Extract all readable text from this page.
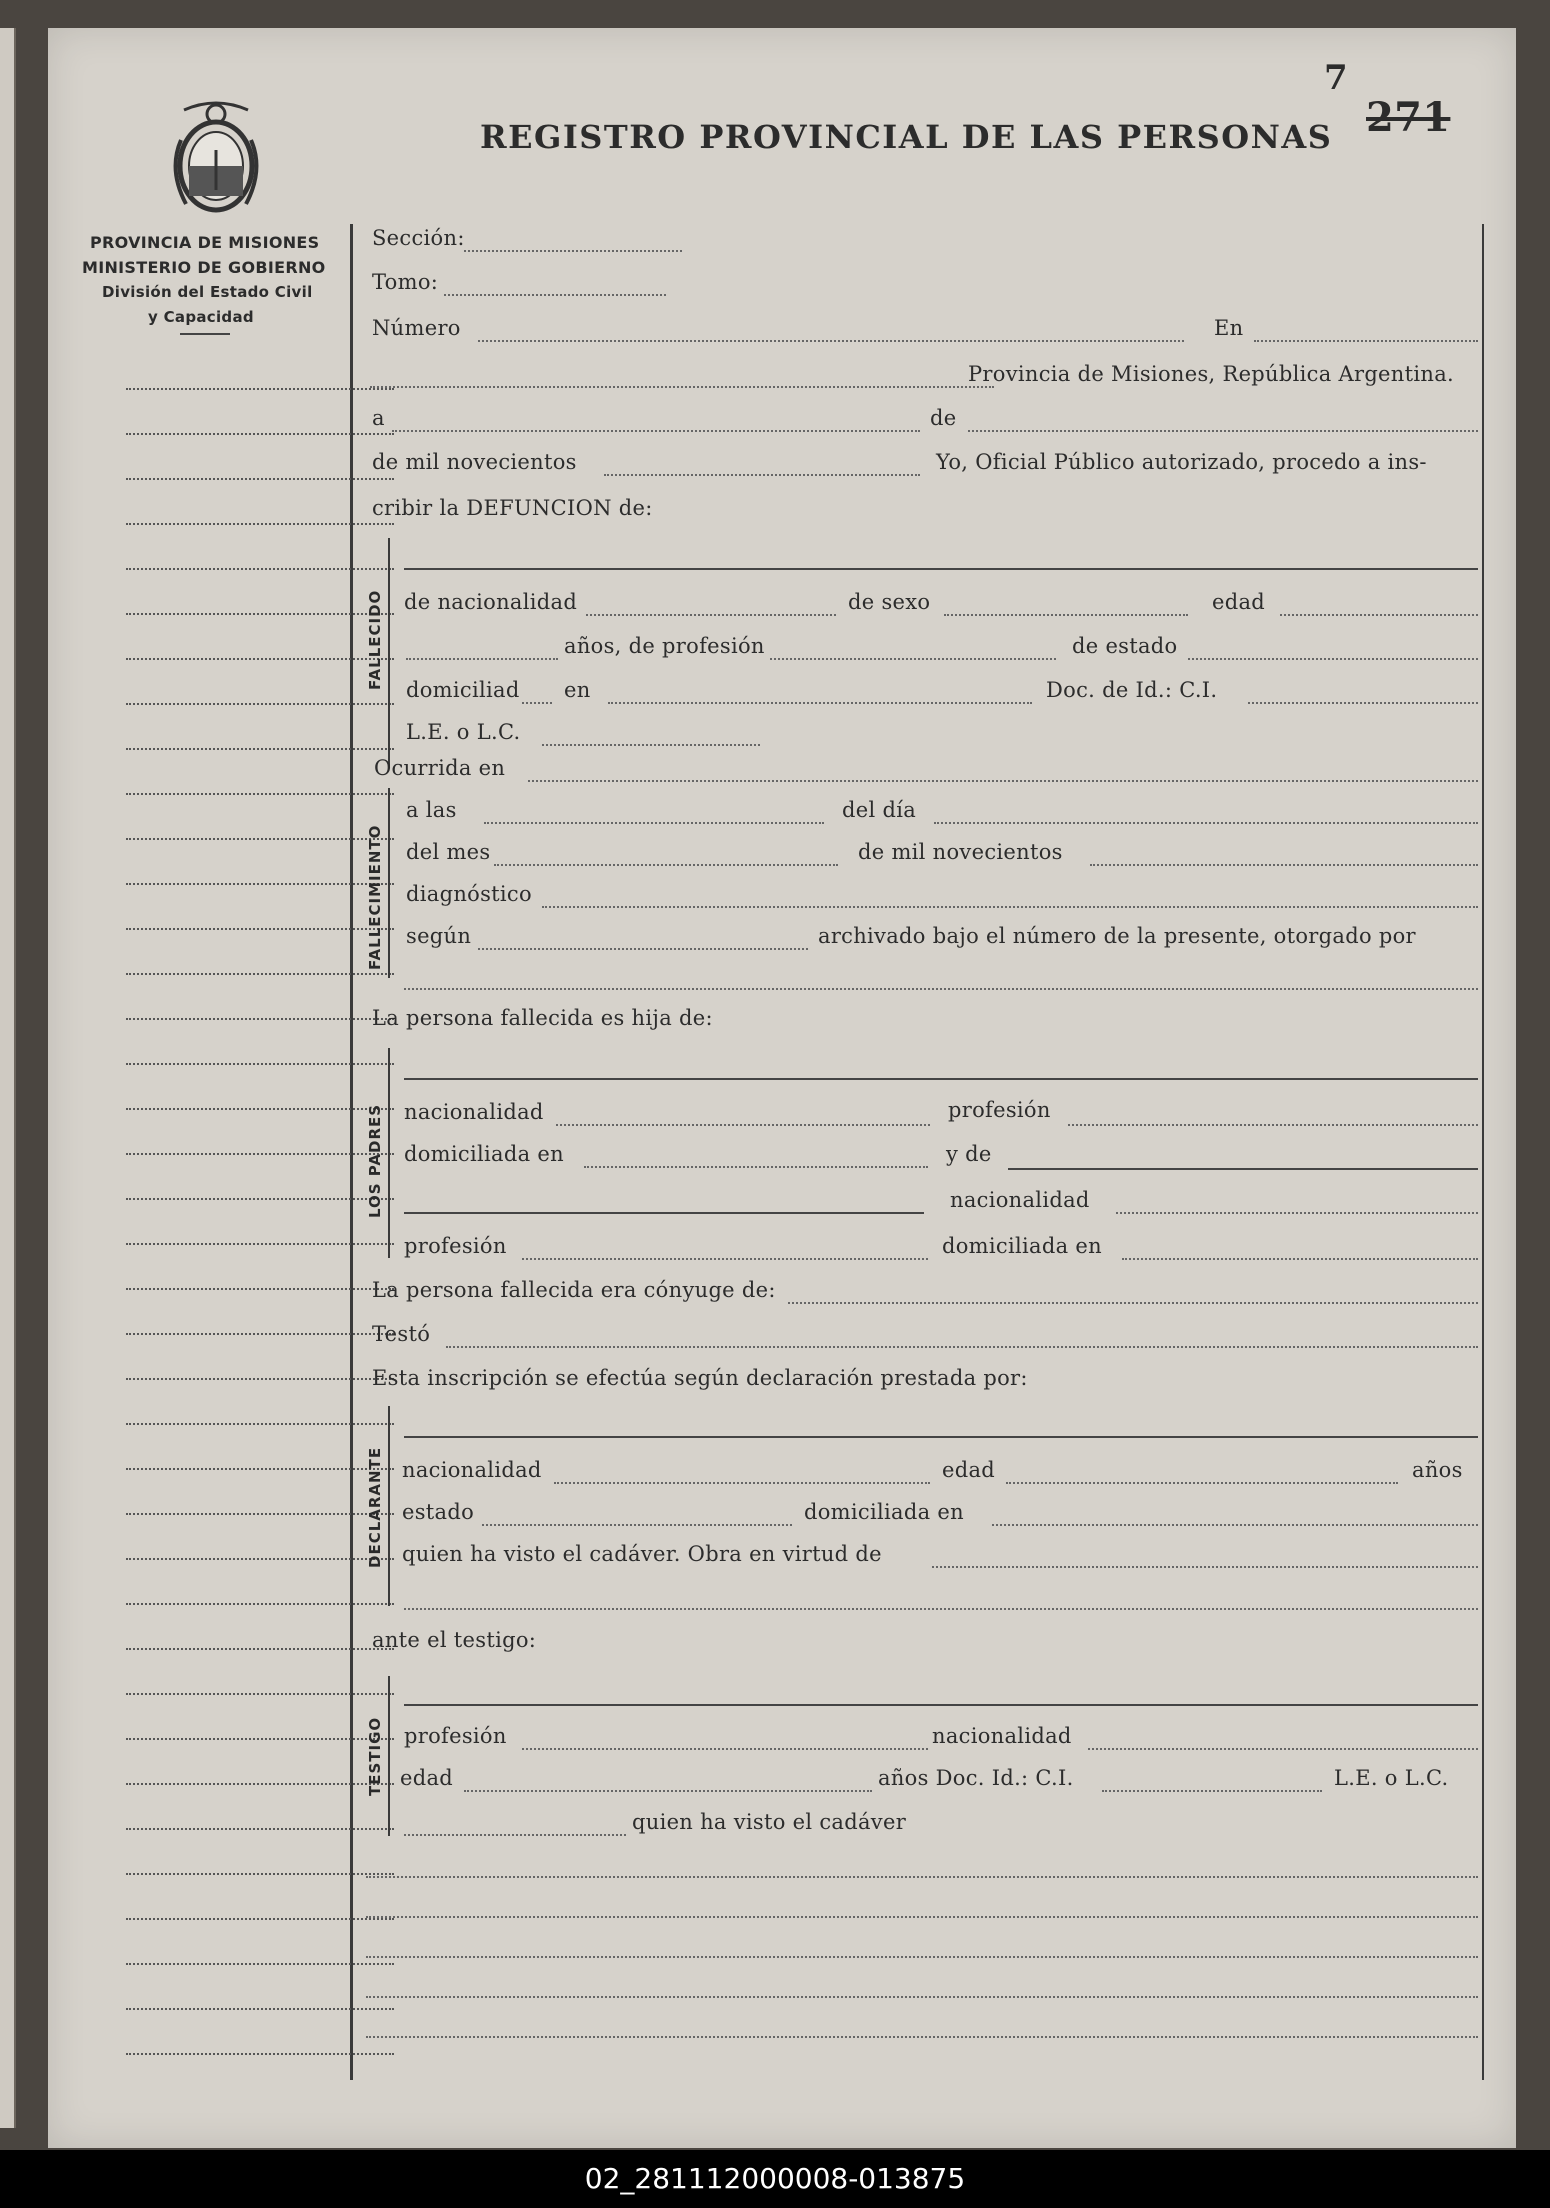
PROVINCIA DE MISIONES
MINISTERIO DE GOBIERNO
División del Estado Civil
y Capacidad
REGISTRO PROVINCIAL DE LAS PERSONAS
7
271
Sección:
Tomo:
Número	En
Provincia de Misiones, República Argentina.
a	de
de mil novecientos	Yo, Oficial Público autorizado, procedo a ins-
cribir la DEFUNCION de:
FALLECIDO de nacionalidad	de sexo	edad
años, de profesión	de estado
domiciliad en	Doc. de Id.: C.I.
L.E. o L.C.
Ocurrida en
FALLECIMIENTO
a las	del día
del mes	de mil novecientos
diagnóstico
según	archivado bajo el número de la presente, otorgado por
La persona fallecida es hija de:
LOS PADRES nacionalidad	profesión
domiciliada en	y de
nacionalidad
profesión	domiciliada en
La persona fallecida era cónyuge de:
Testó
Esta inscripción se efectúa según declaración prestada por:
DECLARANTE nacionalidad	edad	años
estado	domiciliada en
quien ha visto el cadáver. Obra en virtud de
ante el testigo:
TESTIGO profesión	nacionalidad
edad	años Doc. Id.: C.I.	L.E. o L.C.
quien ha visto el cadáver
02_281112000008-013875
